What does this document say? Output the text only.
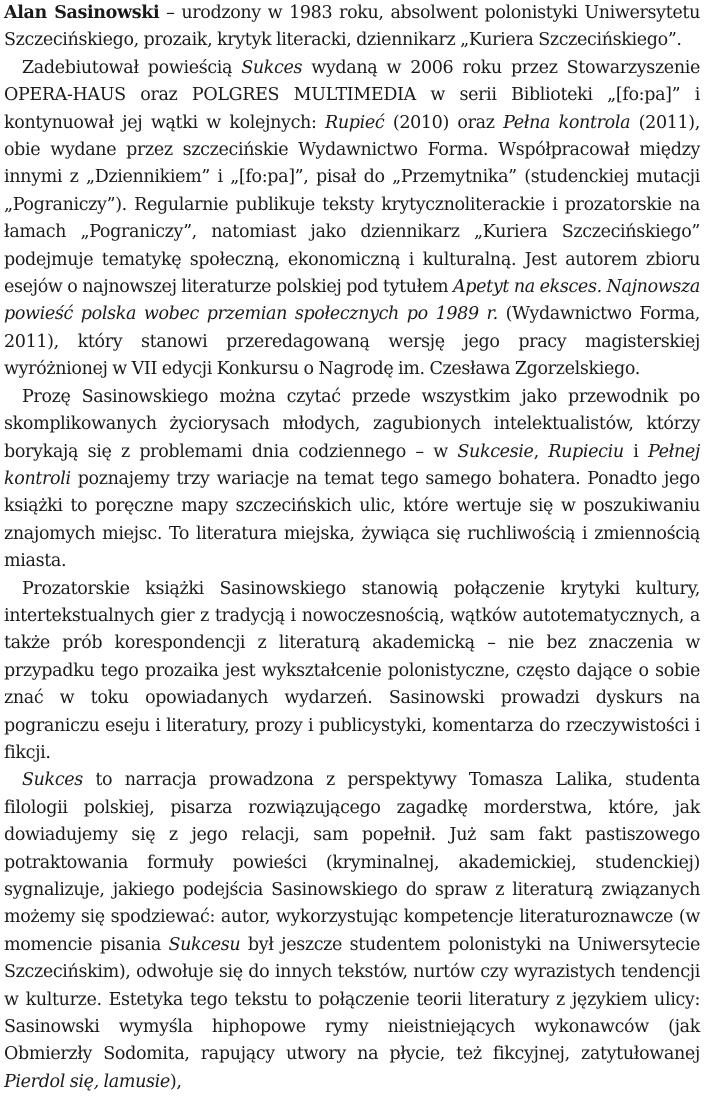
Alan Sasinowski – urodzony w 1983 roku, absolwent polonistyki Uniwersytetu Szczecińskiego, prozaik, krytyk literacki, dziennikarz „Kuriera Szczecińskiego”.

Zadebiutował powieścią Sukces wydaną w 2006 roku przez Stowarzyszenie OPERA-HAUS oraz POLGRES MULTIMEDIA w serii Biblioteki „[fo:pa]” i kontynuował jej wątki w kolejnych: Rupieć (2010) oraz Pełna kontrola (2011), obie wydane przez szczecińskie Wydawnictwo Forma. Współpracował między innymi z „Dziennikiem” i „[fo:pa]”, pisał do „Przemytnika” (studenckiej mutacji „Pograniczy”). Regularnie publikuje teksty krytycznoliterackie i prozatorskie na łamach „Pograniczy”, natomiast jako dziennikarz „Kuriera Szczecińskiego” podejmuje tematykę społeczną, ekonomiczną i kulturalną. Jest autorem zbioru esejów o najnowszej literaturze polskiej pod tytułem Apetyt na eksces. Najnowsza powieść polska wobec przemian społecznych po 1989 r. (Wydawnictwo Forma, 2011), który stanowi przeredagowaną wersję jego pracy magisterskiej wyróżnionej w VII edycji Konkursu o Nagrodę im. Czesława Zgorzelskiego.

Prozę Sasinowskiego można czytać przede wszystkim jako przewodnik po skomplikowanych życiorysach młodych, zagubionych intelektualistów, którzy borykają się z problemami dnia codziennego – w Sukcesie, Rupieciu i Pełnej kontroli poznajemy trzy wariacje na temat tego samego bohatera. Ponadto jego książki to poręczne mapy szczecińskich ulic, które wertuje się w poszukiwaniu znajomych miejsc. To literatura miejska, żywiąca się ruchliwością i zmiennością miasta.

Prozatorskie książki Sasinowskiego stanowią połączenie krytyki kultury, intertekstualnych gier z tradycją i nowoczesnością, wątków autotematycznych, a także prób korespondencji z literaturą akademicką – nie bez znaczenia w przypadku tego prozaika jest wykształcenie polonistyczne, często dające o sobie znać w toku opowiadanych wydarzeń. Sasinowski prowadzi dyskurs na pograniczu eseju i literatury, prozy i publicystyki, komentarza do rzeczywistości i fikcji.

Sukces to narracja prowadzona z perspektywy Tomasza Lalika, studenta filologii polskiej, pisarza rozwiązującego zagadkę morderstwa, które, jak dowiadujemy się z jego relacji, sam popełnił. Już sam fakt pastiszowego potraktowania formuły powieści (kryminalnej, akademickiej, studenckiej) sygnalizuje, jakiego podejścia Sasinowskiego do spraw z literaturą związanych możemy się spodziewać: autor, wykorzystując kompetencje literaturoznawcze (w momencie pisania Sukcesu był jeszcze studentem polonistyki na Uniwersytecie Szczecińskim), odwołuje się do innych tekstów, nurtów czy wyrazistych tendencji w kulturze. Estetyka tego tekstu to połączenie teorii literatury z językiem ulicy: Sasinowski wymyśla hiphopowe rymy nieistniejących wykonawców (jak Obmierzły Sodomita, rapujący utwory na płycie, też fikcyjnej, zatytułowanej Pierdol się, lamusie),
